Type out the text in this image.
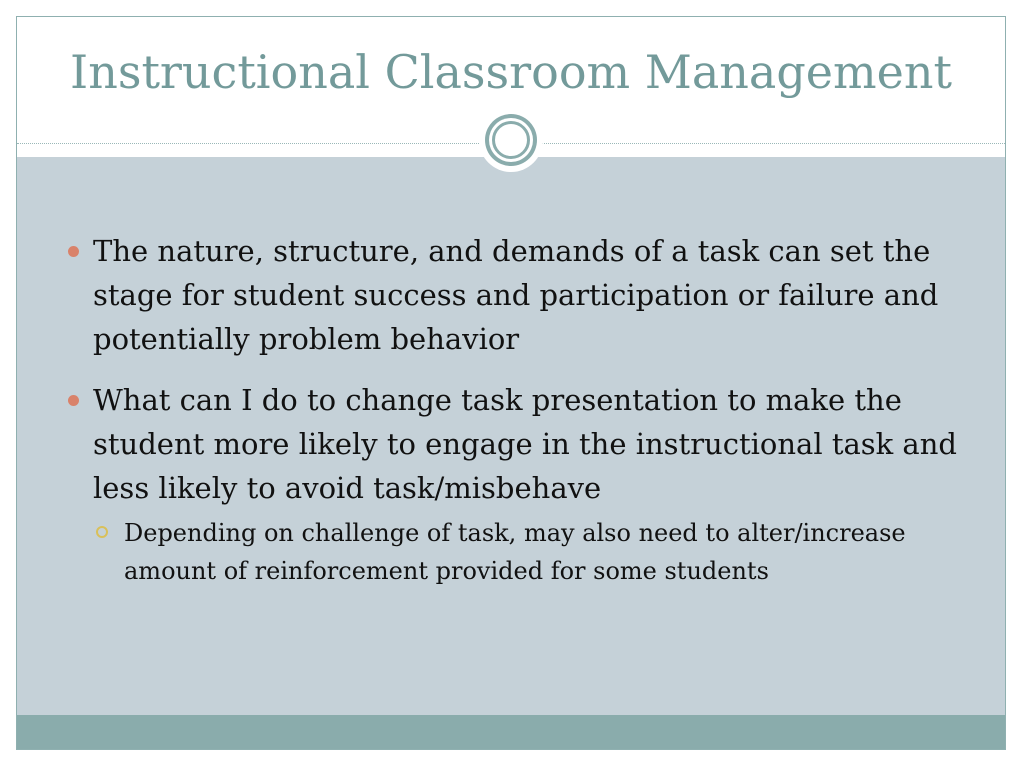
Instructional Classroom Management
The nature, structure, and demands of a task can set the stage for student success and participation or failure and potentially problem behavior
What can I do to change task presentation to make the student more likely to engage in the instructional task and less likely to avoid task/misbehave
Depending on challenge of task, may also need to alter/increase amount of reinforcement provided for some students
